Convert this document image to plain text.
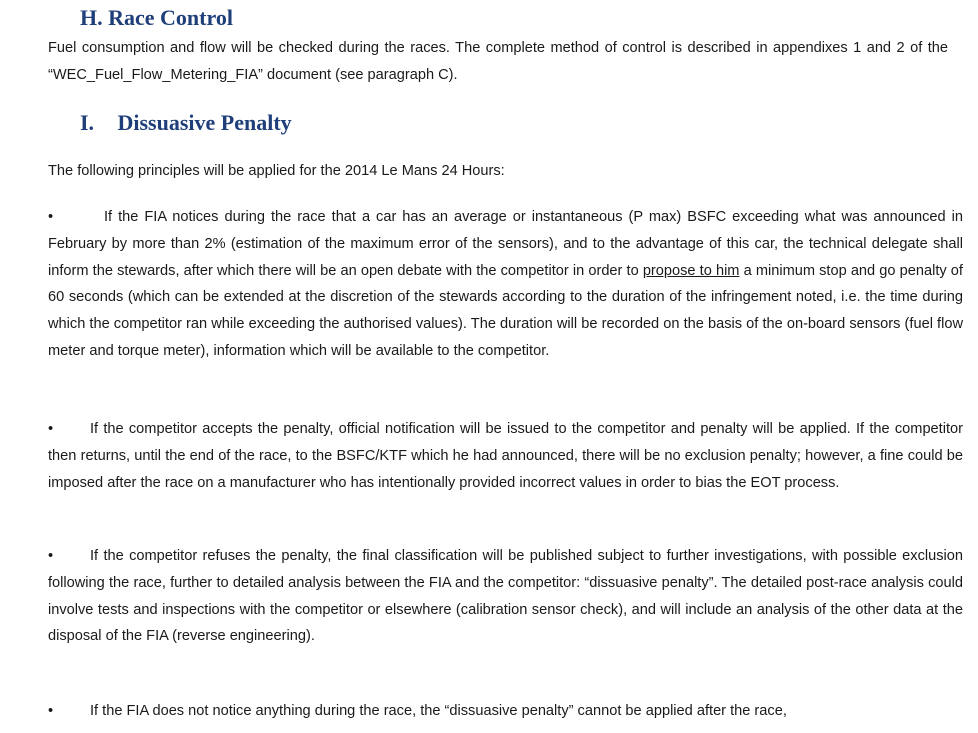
H. Race Control

Fuel consumption and flow will be checked during the races. The complete method of control is described in appendixes 1 and 2 of the “WEC_Fuel_Flow_Metering_FIA” document (see paragraph C).

I. Dissuasive Penalty

The following principles will be applied for the 2014 Le Mans 24 Hours:

•	If the FIA notices during the race that a car has an average or instantaneous (P max) BSFC exceeding what was announced in February by more than 2% (estimation of the maximum error of the sensors), and to the advantage of this car, the technical delegate shall inform the stewards, after which there will be an open debate with the competitor in order to propose to him a minimum stop and go penalty of 60 seconds (which can be extended at the discretion of the stewards according to the duration of the infringement noted, i.e. the time during which the competitor ran while exceeding the authorised values). The duration will be recorded on the basis of the on-board sensors (fuel flow meter and torque meter), information which will be available to the competitor.

•	If the competitor accepts the penalty, official notification will be issued to the competitor and penalty will be applied. If the competitor then returns, until the end of the race, to the BSFC/KTF which he had announced, there will be no exclusion penalty; however, a fine could be imposed after the race on a manufacturer who has intentionally provided incorrect values in order to bias the EOT process.

•	If the competitor refuses the penalty, the final classification will be published subject to further investigations, with possible exclusion following the race, further to detailed analysis between the FIA and the competitor: “dissuasive penalty”. The detailed post-race analysis could involve tests and inspections with the competitor or elsewhere (calibration sensor check), and will include an analysis of the other data at the disposal of the FIA (reverse engineering).

•	If the FIA does not notice anything during the race, the “dissuasive penalty” cannot be applied after the race,
